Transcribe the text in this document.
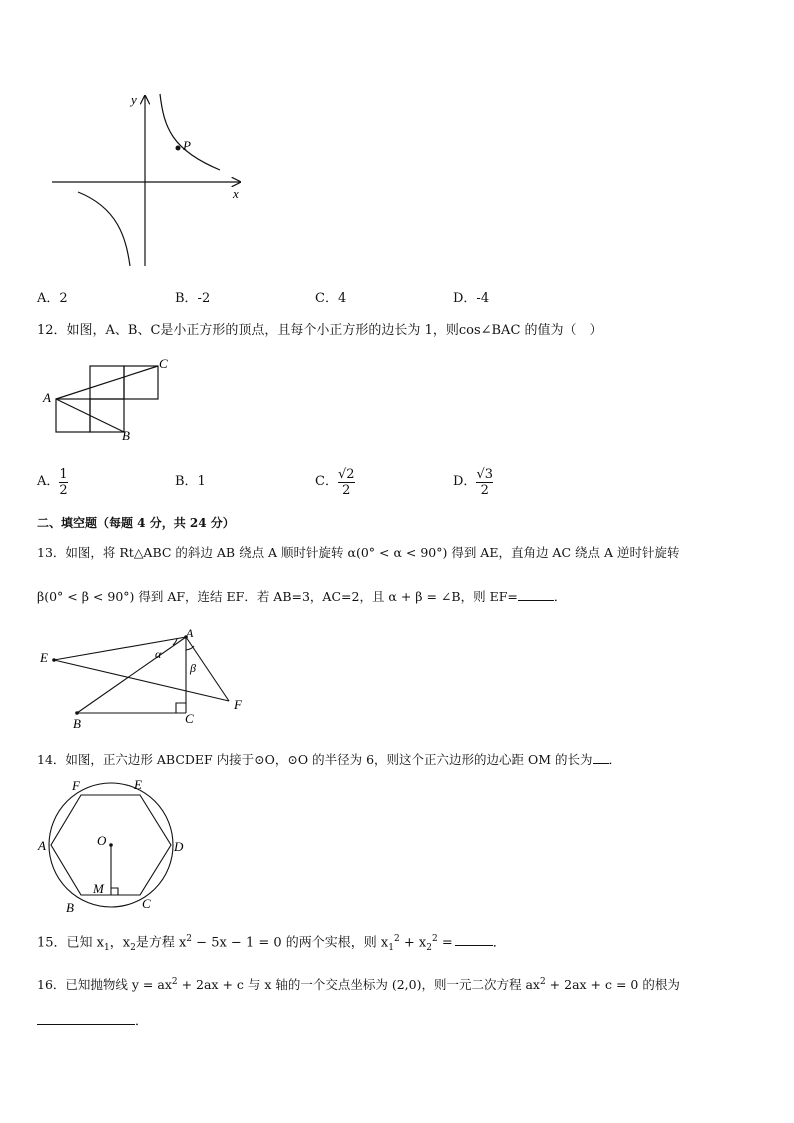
y
x
P
A．2	B．-2	C．4	D．-4
12．如图，A、B、C是小正方形的顶点，且每个小正方形的边长为 1，则cos∠BAC 的值为（　）
A
B
C
A． $\frac{1}{2}$	B．1	C． $\frac{√2}{2}$	D． $\frac{√3}{2}$
二、填空题（每题 4 分，共 24 分）
13．如图，将 Rt△ABC 的斜边 AB 绕点 A 顺时针旋转 α(0° < α < 90°) 得到 AE，直角边 AC 绕点 A 逆时针旋转
β(0° < β < 90°) 得到 AF，连结 EF．若 AB=3，AC=2，且 α + β = ∠B，则 EF=	．
E
A
B	C
F
α
β
14．如图，正六边形 ABCDEF 内接于⊙O，⊙O 的半径为 6，则这个正六边形的边心距 OM 的长为 ．
F	E
A	D
O
M
B	C
15．已知 $x_1$，$x_2$是方程 $x^2 - 5x - 1 = 0$ 的两个实根，则 $x_1^2 + x_2^2$ =	．
16．已知抛物线 $y = ax^2 + 2ax + c$ 与 x 轴的一个交点坐标为 (2,0)，则一元二次方程 $ax^2 + 2ax + c = 0$ 的根为
．
